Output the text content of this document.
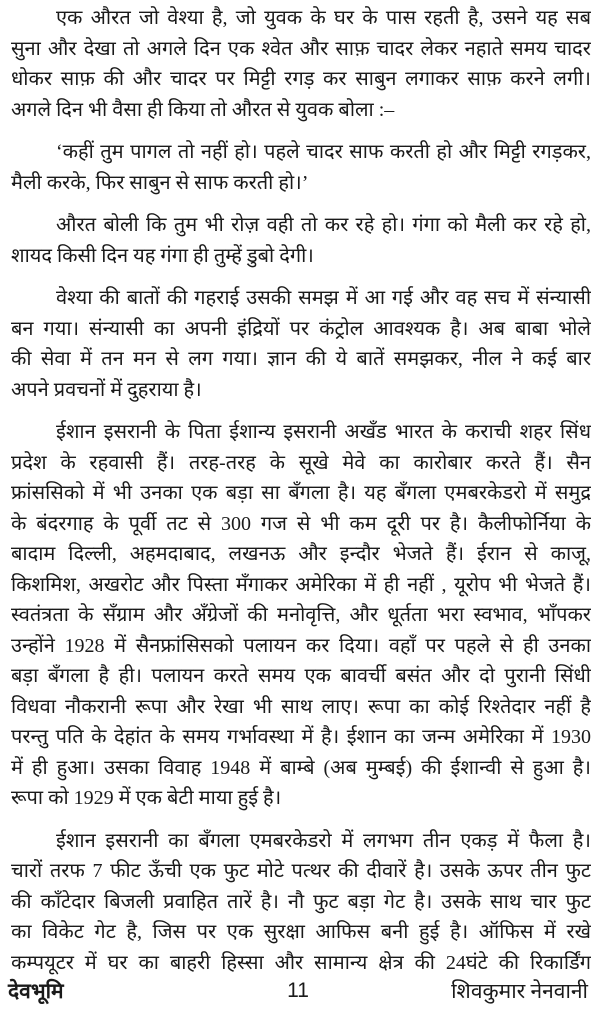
एक औरत जो वेश्या है, जो युवक के घर के पास रहती है, उसने यह सब
सुना और देखा तो अगले दिन एक श्वेत और साफ़ चादर लेकर नहाते समय चादर
धोकर साफ़ की और चादर पर मिट्टी रगड़ कर साबुन लगाकर साफ़ करने लगी।
अगले दिन भी वैसा ही किया तो औरत से युवक बोला :–
‘कहीं तुम पागल तो नहीं हो। पहले चादर साफ करती हो और मिट्टी रगड़कर,
मैली करके, फिर साबुन से साफ करती हो।’
औरत बोली कि तुम भी रोज़ वही तो कर रहे हो। गंगा को मैली कर रहे हो,
शायद किसी दिन यह गंगा ही तुम्हें डुबो देगी।
वेश्या की बातों की गहराई उसकी समझ में आ गई और वह सच में संन्यासी
बन गया। संन्यासी का अपनी इंद्रियों पर कंट्रोल आवश्यक है। अब बाबा भोले
की सेवा में तन मन से लग गया। ज्ञान की ये बातें समझकर, नील ने कई बार
अपने प्रवचनों में दुहराया है।
ईशान इसरानी के पिता ईशान्य इसरानी अखँड भारत के कराची शहर सिंध
प्रदेश के रहवासी हैं। तरह-तरह के सूखे मेवे का कारोबार करते हैं। सैन
फ्रांससिको में भी उनका एक बड़ा सा बँगला है। यह बँगला एमबरकेडरो में समुद्र
के बंदरगाह के पूर्वी तट से 300 गज से भी कम दूरी पर है। कैलीफोर्निया के
बादाम दिल्ली, अहमदाबाद, लखनऊ और इन्दौर भेजते हैं। ईरान से काजू,
किशमिश, अखरोट और पिस्ता मँगाकर अमेरिका में ही नहीं , यूरोप भी भेजते हैं।
स्वतंत्रता के सँग्राम और अँग्रेजों की मनोवृत्ति, और धूर्तता भरा स्वभाव, भाँपकर
उन्होंने 1928 में सैनफ्रांसिसको पलायन कर दिया। वहाँ पर पहले से ही उनका
बड़ा बँगला है ही। पलायन करते समय एक बावर्ची बसंत और दो पुरानी सिंधी
विधवा नौकरानी रूपा और रेखा भी साथ लाए। रूपा का कोई रिश्तेदार नहीं है
परन्तु पति के देहांत के समय गर्भावस्था में है। ईशान का जन्म अमेरिका में 1930
में ही हुआ। उसका विवाह 1948 में बाम्बे (अब मुम्बई) की ईशान्वी से हुआ है।
रूपा को 1929 में एक बेटी माया हुई है।
ईशान इसरानी का बँगला एमबरकेडरो में लगभग तीन एकड़ में फैला है।
चारों तरफ 7 फीट ऊँची एक फुट मोटे पत्थर की दीवारें है। उसके ऊपर तीन फुट
की काँटेदार बिजली प्रवाहित तारें है। नौ फुट बड़ा गेट है। उसके साथ चार फुट
का विकेट गेट है, जिस पर एक सुरक्षा आफिस बनी हुई है। ऑफिस में रखे
कम्पयूटर में घर का बाहरी हिस्सा और सामान्य क्षेत्र की 24घंटे की रिकार्डिंग
देवभूमि	11	शिवकुमार नेनवानी
